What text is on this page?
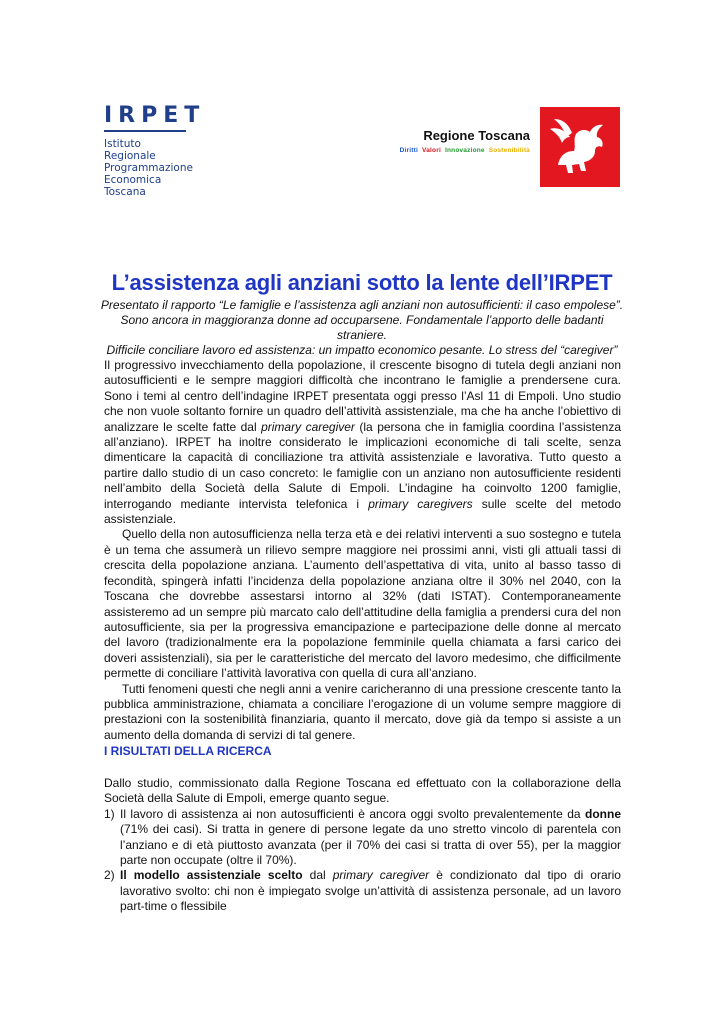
IRPET
Istituto
Regionale
Programmazione
Economica
Toscana
Regione Toscana
Diritti Valori Innovazione Sostenibilità
L’assistenza agli anziani sotto la lente dell’IRPET
Presentato il rapporto “Le famiglie e l’assistenza agli anziani non autosufficienti: il caso empolese”.
Sono ancora in maggioranza donne ad occuparsene. Fondamentale l’apporto delle badanti straniere.
Difficile conciliare lavoro ed assistenza: un impatto economico pesante. Lo stress del “caregiver”

Il progressivo invecchiamento della popolazione, il crescente bisogno di tutela degli anziani non autosufficienti e le sempre maggiori difficoltà che incontrano le famiglie a prendersene cura. Sono i temi al centro dell’indagine IRPET presentata oggi presso l’Asl 11 di Empoli. Uno studio che non vuole soltanto fornire un quadro dell’attività assistenziale, ma che ha anche l’obiettivo di analizzare le scelte fatte dal primary caregiver (la persona che in famiglia coordina l’assistenza all’anziano). IRPET ha inoltre considerato le implicazioni economiche di tali scelte, senza dimenticare la capacità di conciliazione tra attività assistenziale e lavorativa. Tutto questo a partire dallo studio di un caso concreto: le famiglie con un anziano non autosufficiente residenti nell’ambito della Società della Salute di Empoli. L’indagine ha coinvolto 1200 famiglie, interrogando mediante intervista telefonica i primary caregivers sulle scelte del metodo assistenziale.

Quello della non autosufficienza nella terza età e dei relativi interventi a suo sostegno e tutela è un tema che assumerà un rilievo sempre maggiore nei prossimi anni, visti gli attuali tassi di crescita della popolazione anziana. L’aumento dell’aspettativa di vita, unito al basso tasso di fecondità, spingerà infatti l’incidenza della popolazione anziana oltre il 30% nel 2040, con la Toscana che dovrebbe assestarsi intorno al 32% (dati ISTAT). Contemporaneamente assisteremo ad un sempre più marcato calo dell’attitudine della famiglia a prendersi cura del non autosufficiente, sia per la progressiva emancipazione e partecipazione delle donne al mercato del lavoro (tradizionalmente era la popolazione femminile quella chiamata a farsi carico dei doveri assistenziali), sia per le caratteristiche del mercato del lavoro medesimo, che difficilmente permette di conciliare l’attività lavorativa con quella di cura all’anziano.

Tutti fenomeni questi che negli anni a venire caricheranno di una pressione crescente tanto la pubblica amministrazione, chiamata a conciliare l’erogazione di un volume sempre maggiore di prestazioni con la sostenibilità finanziaria, quanto il mercato, dove già da tempo si assiste a un aumento della domanda di servizi di tal genere.

I RISULTATI DELLA RICERCA

Dallo studio, commissionato dalla Regione Toscana ed effettuato con la collaborazione della Società della Salute di Empoli, emerge quanto segue.

1) Il lavoro di assistenza ai non autosufficienti è ancora oggi svolto prevalentemente da donne (71% dei casi). Si tratta in genere di persone legate da uno stretto vincolo di parentela con l’anziano e di età piuttosto avanzata (per il 70% dei casi si tratta di over 55), per la maggior parte non occupate (oltre il 70%).
2) Il modello assistenziale scelto dal primary caregiver è condizionato dal tipo di orario lavorativo svolto: chi non è impiegato svolge un’attività di assistenza personale, ad un lavoro part-time o flessibile
